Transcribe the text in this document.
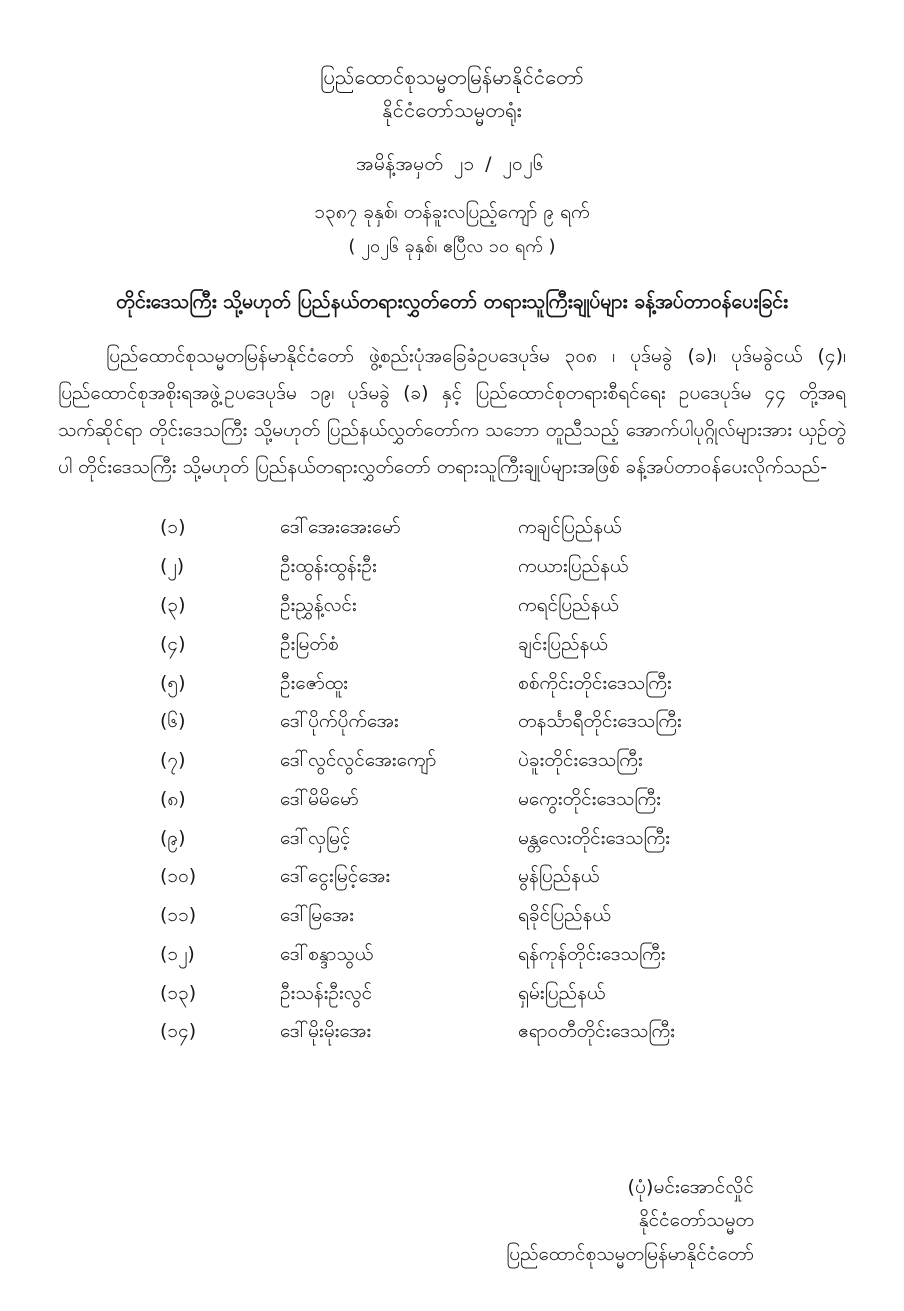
ပြည်ထောင်စုသမ္မတမြန်မာနိုင်ငံတော်
နိုင်ငံတော်သမ္မတရုံး
အမိန့်အမှတ် ၂၁ / ၂၀၂၆
၁၃၈၇ ခုနှစ်၊ တန်ခူးလပြည့်ကျော် ၉ ရက်
( ၂၀၂၆ ခုနှစ်၊ ဧပြီလ ၁၀ ရက် )
တိုင်းဒေသကြီး သို့မဟုတ် ပြည်နယ်တရားလွှတ်တော် တရားသူကြီးချုပ်များ ခန့်အပ်တာဝန်ပေးခြင်း
ပြည်ထောင်စုသမ္မတမြန်မာနိုင်ငံတော် ဖွဲ့စည်းပုံအခြေခံဥပဒေပုဒ်မ ၃၀၈ ၊ ပုဒ်မခွဲ (ခ)၊ ပုဒ်မခွဲငယ် (၄)၊ ပြည်ထောင်စုအစိုးရအဖွဲ့ဥပဒေပုဒ်မ ၁၉၊ ပုဒ်မခွဲ (ခ) နှင့် ပြည်ထောင်စုတရားစီရင်ရေး ဥပဒေပုဒ်မ ၄၄ တို့အရ သက်ဆိုင်ရာ တိုင်းဒေသကြီး သို့မဟုတ် ပြည်နယ်လွှတ်တော်က သဘော တူညီသည့် အောက်ပါပုဂ္ဂိုလ်များအား ယှဉ်တွဲပါ တိုင်းဒေသကြီး သို့မဟုတ် ပြည်နယ်တရားလွှတ်တော် တရားသူကြီးချုပ်များအဖြစ် ခန့်အပ်တာဝန်ပေးလိုက်သည်-
(၁)	ဒေါ်အေးအေးမော်	ကချင်ပြည်နယ်
(၂)	ဦးထွန်းထွန်းဦး	ကယားပြည်နယ်
(၃)	ဦးညွှန့်လင်း	ကရင်ပြည်နယ်
(၄)	ဦးမြတ်စံ	ချင်းပြည်နယ်
(၅)	ဦးဇော်ထူး	စစ်ကိုင်းတိုင်းဒေသကြီး
(၆)	ဒေါ်ပိုက်ပိုက်အေး	တနင်္သာရီတိုင်းဒေသကြီး
(၇)	ဒေါ်လွင်လွင်အေးကျော်	ပဲခူးတိုင်းဒေသကြီး
(၈)	ဒေါ်မိမိမော်	မကွေးတိုင်းဒေသကြီး
(၉)	ဒေါ်လှမြင့်	မန္တလေးတိုင်းဒေသကြီး
(၁၀)	ဒေါ်ငွေးမြင့်အေး	မွန်ပြည်နယ်
(၁၁)	ဒေါ်မြအေး	ရခိုင်ပြည်နယ်
(၁၂)	ဒေါ်စန္ဒာသွယ်	ရန်ကုန်တိုင်းဒေသကြီး
(၁၃)	ဦးသန်းဦးလွင်	ရှမ်းပြည်နယ်
(၁၄)	ဒေါ်မိုးမိုးအေး	ဧရာဝတီတိုင်းဒေသကြီး
(ပုံ)မင်းအောင်လှိုင်
နိုင်ငံတော်သမ္မတ
ပြည်ထောင်စုသမ္မတမြန်မာနိုင်ငံတော်
